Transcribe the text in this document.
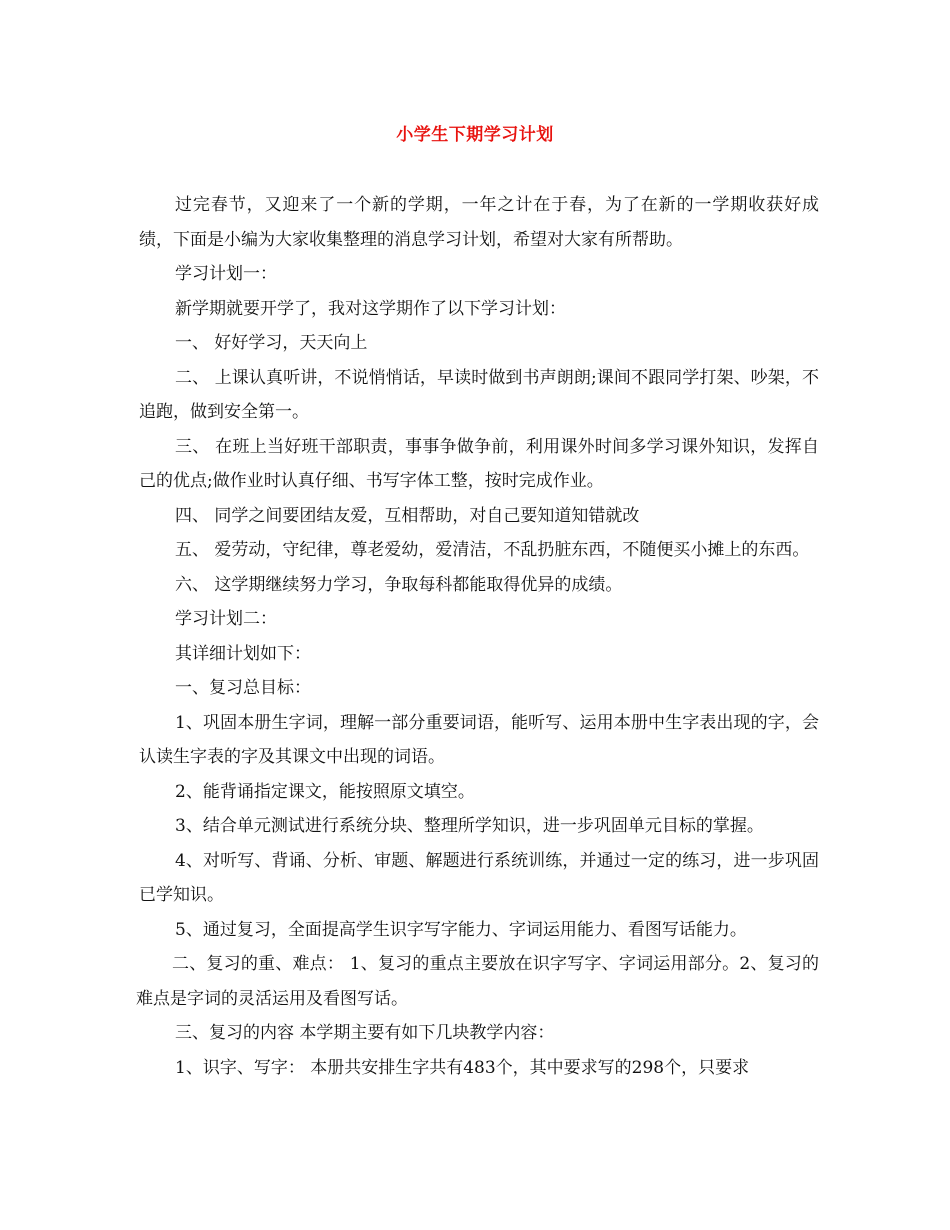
小学生下期学习计划

过完春节，又迎来了一个新的学期，一年之计在于春，为了在新的一学期收获好成绩，下面是小编为大家收集整理的消息学习计划，希望对大家有所帮助。

学习计划一：

新学期就要开学了，我对这学期作了以下学习计划：

一、 好好学习，天天向上

二、 上课认真听讲，不说悄悄话，早读时做到书声朗朗;课间不跟同学打架、吵架，不追跑，做到安全第一。

三、 在班上当好班干部职责，事事争做争前，利用课外时间多学习课外知识，发挥自己的优点;做作业时认真仔细、书写字体工整，按时完成作业。

四、 同学之间要团结友爱，互相帮助，对自己要知道知错就改

五、 爱劳动，守纪律，尊老爱幼，爱清洁，不乱扔脏东西，不随便买小摊上的东西。

六、 这学期继续努力学习，争取每科都能取得优异的成绩。

学习计划二：

其详细计划如下：

一、复习总目标：

1、巩固本册生字词，理解一部分重要词语，能听写、运用本册中生字表出现的字，会认读生字表的字及其课文中出现的词语。

2、能背诵指定课文，能按照原文填空。

3、结合单元测试进行系统分块、整理所学知识，进一步巩固单元目标的掌握。

4、对听写、背诵、分析、审题、解题进行系统训练，并通过一定的练习，进一步巩固已学知识。

5、通过复习，全面提高学生识字写字能力、字词运用能力、看图写话能力。

二、复习的重、难点： 1、复习的重点主要放在识字写字、字词运用部分。2、复习的难点是字词的灵活运用及看图写话。

三、复习的内容 本学期主要有如下几块教学内容：

1、识字、写字： 本册共安排生字共有483个，其中要求写的298个，只要求
